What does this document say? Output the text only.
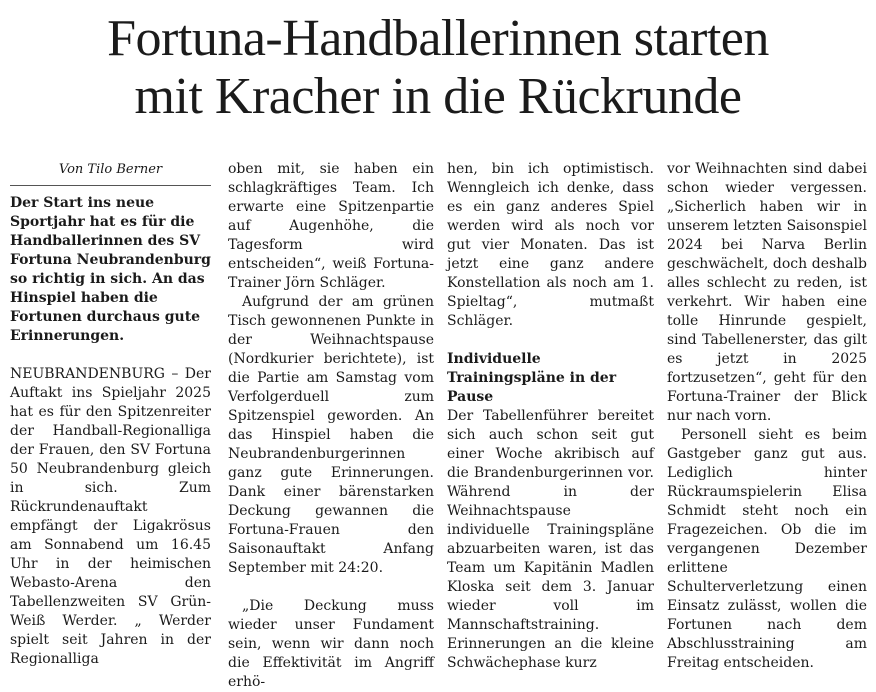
Fortuna-Handballerinnen starten
mit Kracher in die Rückrunde
Von Tilo Berner

Der Start ins neue Sportjahr hat es für die Handballerinnen des SV Fortuna Neubrandenburg so richtig in sich. An das Hinspiel haben die Fortunen durchaus gute Erinnerungen.

NEUBRANDENBURG – Der Auftakt ins Spieljahr 2025 hat es für den Spitzenreiter der Handball-Regionalliga der Frauen, den SV Fortuna 50 Neubrandenburg gleich in sich. Zum Rückrundenauftakt empfängt der Ligakrösus am Sonnabend um 16.45 Uhr in der heimischen Webasto-Arena den Tabellenzweiten SV Grün-Weiß Werder. „ Werder spielt seit Jahren in der Regionalliga

oben mit, sie haben ein schlagkräftiges Team. Ich erwarte eine Spitzenpartie auf Augenhöhe, die Tagesform wird entscheiden“, weiß Fortuna-Trainer Jörn Schläger.

Aufgrund der am grünen Tisch gewonnenen Punkte in der Weihnachtspause (Nordkurier berichtete), ist die Partie am Samstag vom Verfolgerduell zum Spitzenspiel geworden. An das Hinspiel haben die Neubrandenburgerinnen ganz gute Erinnerungen. Dank einer bärenstarken Deckung gewannen die Fortuna-Frauen den Saisonauftakt Anfang September mit 24:20.

„Die Deckung muss wieder unser Fundament sein, wenn wir dann noch die Effektivität im Angriff erhö-

hen, bin ich optimistisch. Wenngleich ich denke, dass es ein ganz anderes Spiel werden wird als noch vor gut vier Monaten. Das ist jetzt eine ganz andere Konstellation als noch am 1. Spieltag“, mutmaßt Schläger.

Individuelle Trainingspläne in der Pause

Der Tabellenführer bereitet sich auch schon seit gut einer Woche akribisch auf die Brandenburgerinnen vor. Während in der Weihnachtspause individuelle Trainingspläne abzuarbeiten waren, ist das Team um Kapitänin Madlen Kloska seit dem 3. Januar wieder voll im Mannschaftstraining. Erinnerungen an die kleine Schwächephase kurz

vor Weihnachten sind dabei schon wieder vergessen. „Sicherlich haben wir in unserem letzten Saisonspiel 2024 bei Narva Berlin geschwächelt, doch deshalb alles schlecht zu reden, ist verkehrt. Wir haben eine tolle Hinrunde gespielt, sind Tabellenerster, das gilt es jetzt in 2025 fortzusetzen“, geht für den Fortuna-Trainer der Blick nur nach vorn.

Personell sieht es beim Gastgeber ganz gut aus. Lediglich hinter Rückraumspielerin Elisa Schmidt steht noch ein Fragezeichen. Ob die im vergangenen Dezember erlittene Schulterverletzung einen Einsatz zulässt, wollen die Fortunen nach dem Abschlusstraining am Freitag entscheiden.
